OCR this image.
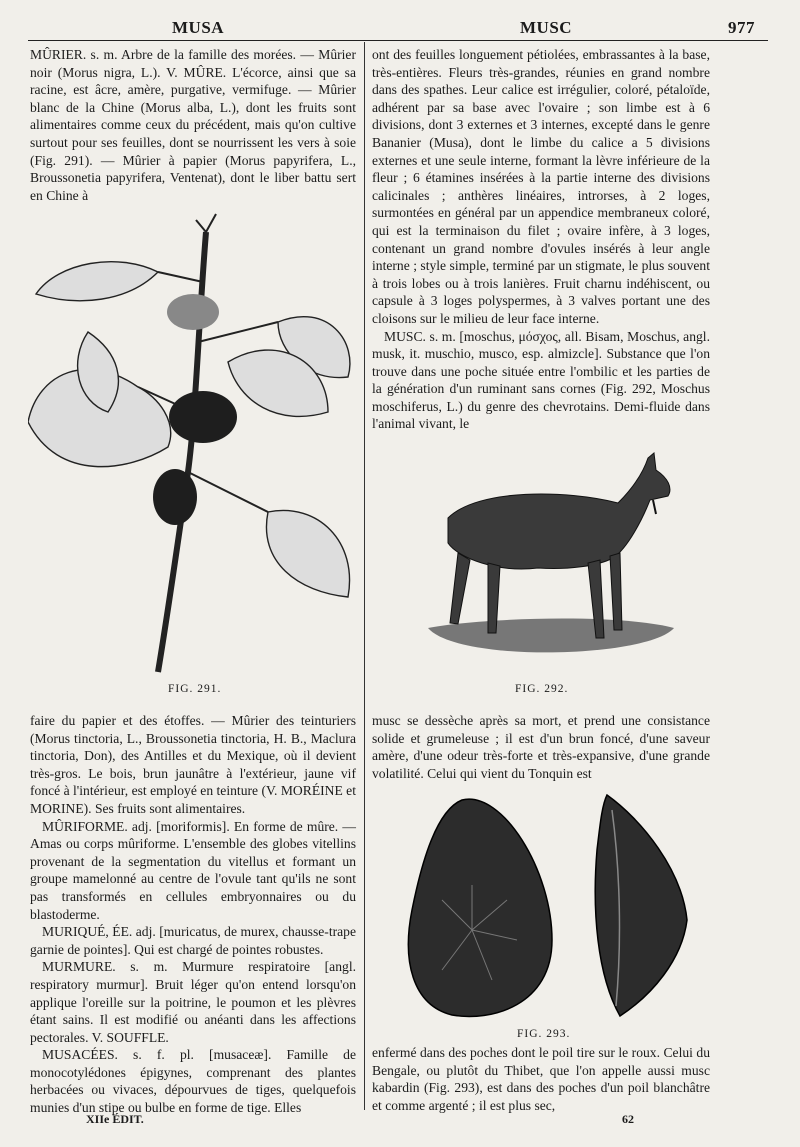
MUSA	MUSC	977

MÛRIER. s. m. Arbre de la famille des morées. — Mûrier noir (Morus nigra, L.). V. MÛRE. L'écorce, ainsi que sa racine, est âcre, amère, purgative, vermifuge. — Mûrier blanc de la Chine (Morus alba, L.), dont les fruits sont alimentaires comme ceux du précédent, mais qu'on cultive surtout pour ses feuilles, dont se nourrissent les vers à soie (Fig. 291). — Mûrier à papier (Morus papyrifera, L., Broussonetia papyrifera, Ventenat), dont le liber battu sert en Chine à

FIG. 291.

faire du papier et des étoffes. — Mûrier des teinturiers (Morus tinctoria, L., Broussonetia tinctoria, H. B., Maclura tinctoria, Don), des Antilles et du Mexique, où il devient très-gros. Le bois, brun jaunâtre à l'extérieur, jaune vif foncé à l'intérieur, est employé en teinture (V. MORÉINE et MORINE). Ses fruits sont alimentaires.

MÛRIFORME. adj. [moriformis]. En forme de mûre. — Amas ou corps mûriforme. L'ensemble des globes vitellins provenant de la segmentation du vitellus et formant un groupe mamelonné au centre de l'ovule tant qu'ils ne sont pas transformés en cellules embryonnaires ou du blastoderme.

MURIQUÉ, ÉE. adj. [muricatus, de murex, chausse-trape garnie de pointes]. Qui est chargé de pointes robustes.

MURMURE. s. m. Murmure respiratoire [angl. respiratory murmur]. Bruit léger qu'on entend lorsqu'on applique l'oreille sur la poitrine, le poumon et les plèvres étant sains. Il est modifié ou anéanti dans les affections pectorales. V. SOUFFLE.

MUSACÉES. s. f. pl. [musaceæ]. Famille de monocotylédones épigynes, comprenant des plantes herbacées ou vivaces, dépourvues de tiges, quelquefois munies d'un stipe ou bulbe en forme de tige. Elles

ont des feuilles longuement pétiolées, embrassantes à la base, très-entières. Fleurs très-grandes, réunies en grand nombre dans des spathes. Leur calice est irrégulier, coloré, pétaloïde, adhérent par sa base avec l'ovaire ; son limbe est à 6 divisions, dont 3 externes et 3 internes, excepté dans le genre Bananier (Musa), dont le limbe du calice a 5 divisions externes et une seule interne, formant la lèvre inférieure de la fleur ; 6 étamines insérées à la partie interne des divisions calicinales ; anthères linéaires, introrses, à 2 loges, surmontées en général par un appendice membraneux coloré, qui est la terminaison du filet ; ovaire infère, à 3 loges, contenant un grand nombre d'ovules insérés à leur angle interne ; style simple, terminé par un stigmate, le plus souvent à trois lobes ou à trois lanières. Fruit charnu indéhiscent, ou capsule à 3 loges polyspermes, à 3 valves portant une des cloisons sur le milieu de leur face interne.

MUSC. s. m. [moschus, μόσχος, all. Bisam, Moschus, angl. musk, it. muschio, musco, esp. almizcle]. Substance que l'on trouve dans une poche située entre l'ombilic et les parties de la génération d'un ruminant sans cornes (Fig. 292, Moschus moschiferus, L.) du genre des chevrotains. Demi-fluide dans l'animal vivant, le

FIG. 292.

musc se dessèche après sa mort, et prend une consistance solide et grumeleuse ; il est d'un brun foncé, d'une saveur amère, d'une odeur très-forte et très-expansive, d'une grande volatilité. Celui qui vient du Tonquin est

FIG. 293.

enfermé dans des poches dont le poil tire sur le roux. Celui du Bengale, ou plutôt du Thibet, que l'on appelle aussi musc kabardin (Fig. 293), est dans des poches d'un poil blanchâtre et comme argenté ; il est plus sec,

XIIe ÉDIT.	62
